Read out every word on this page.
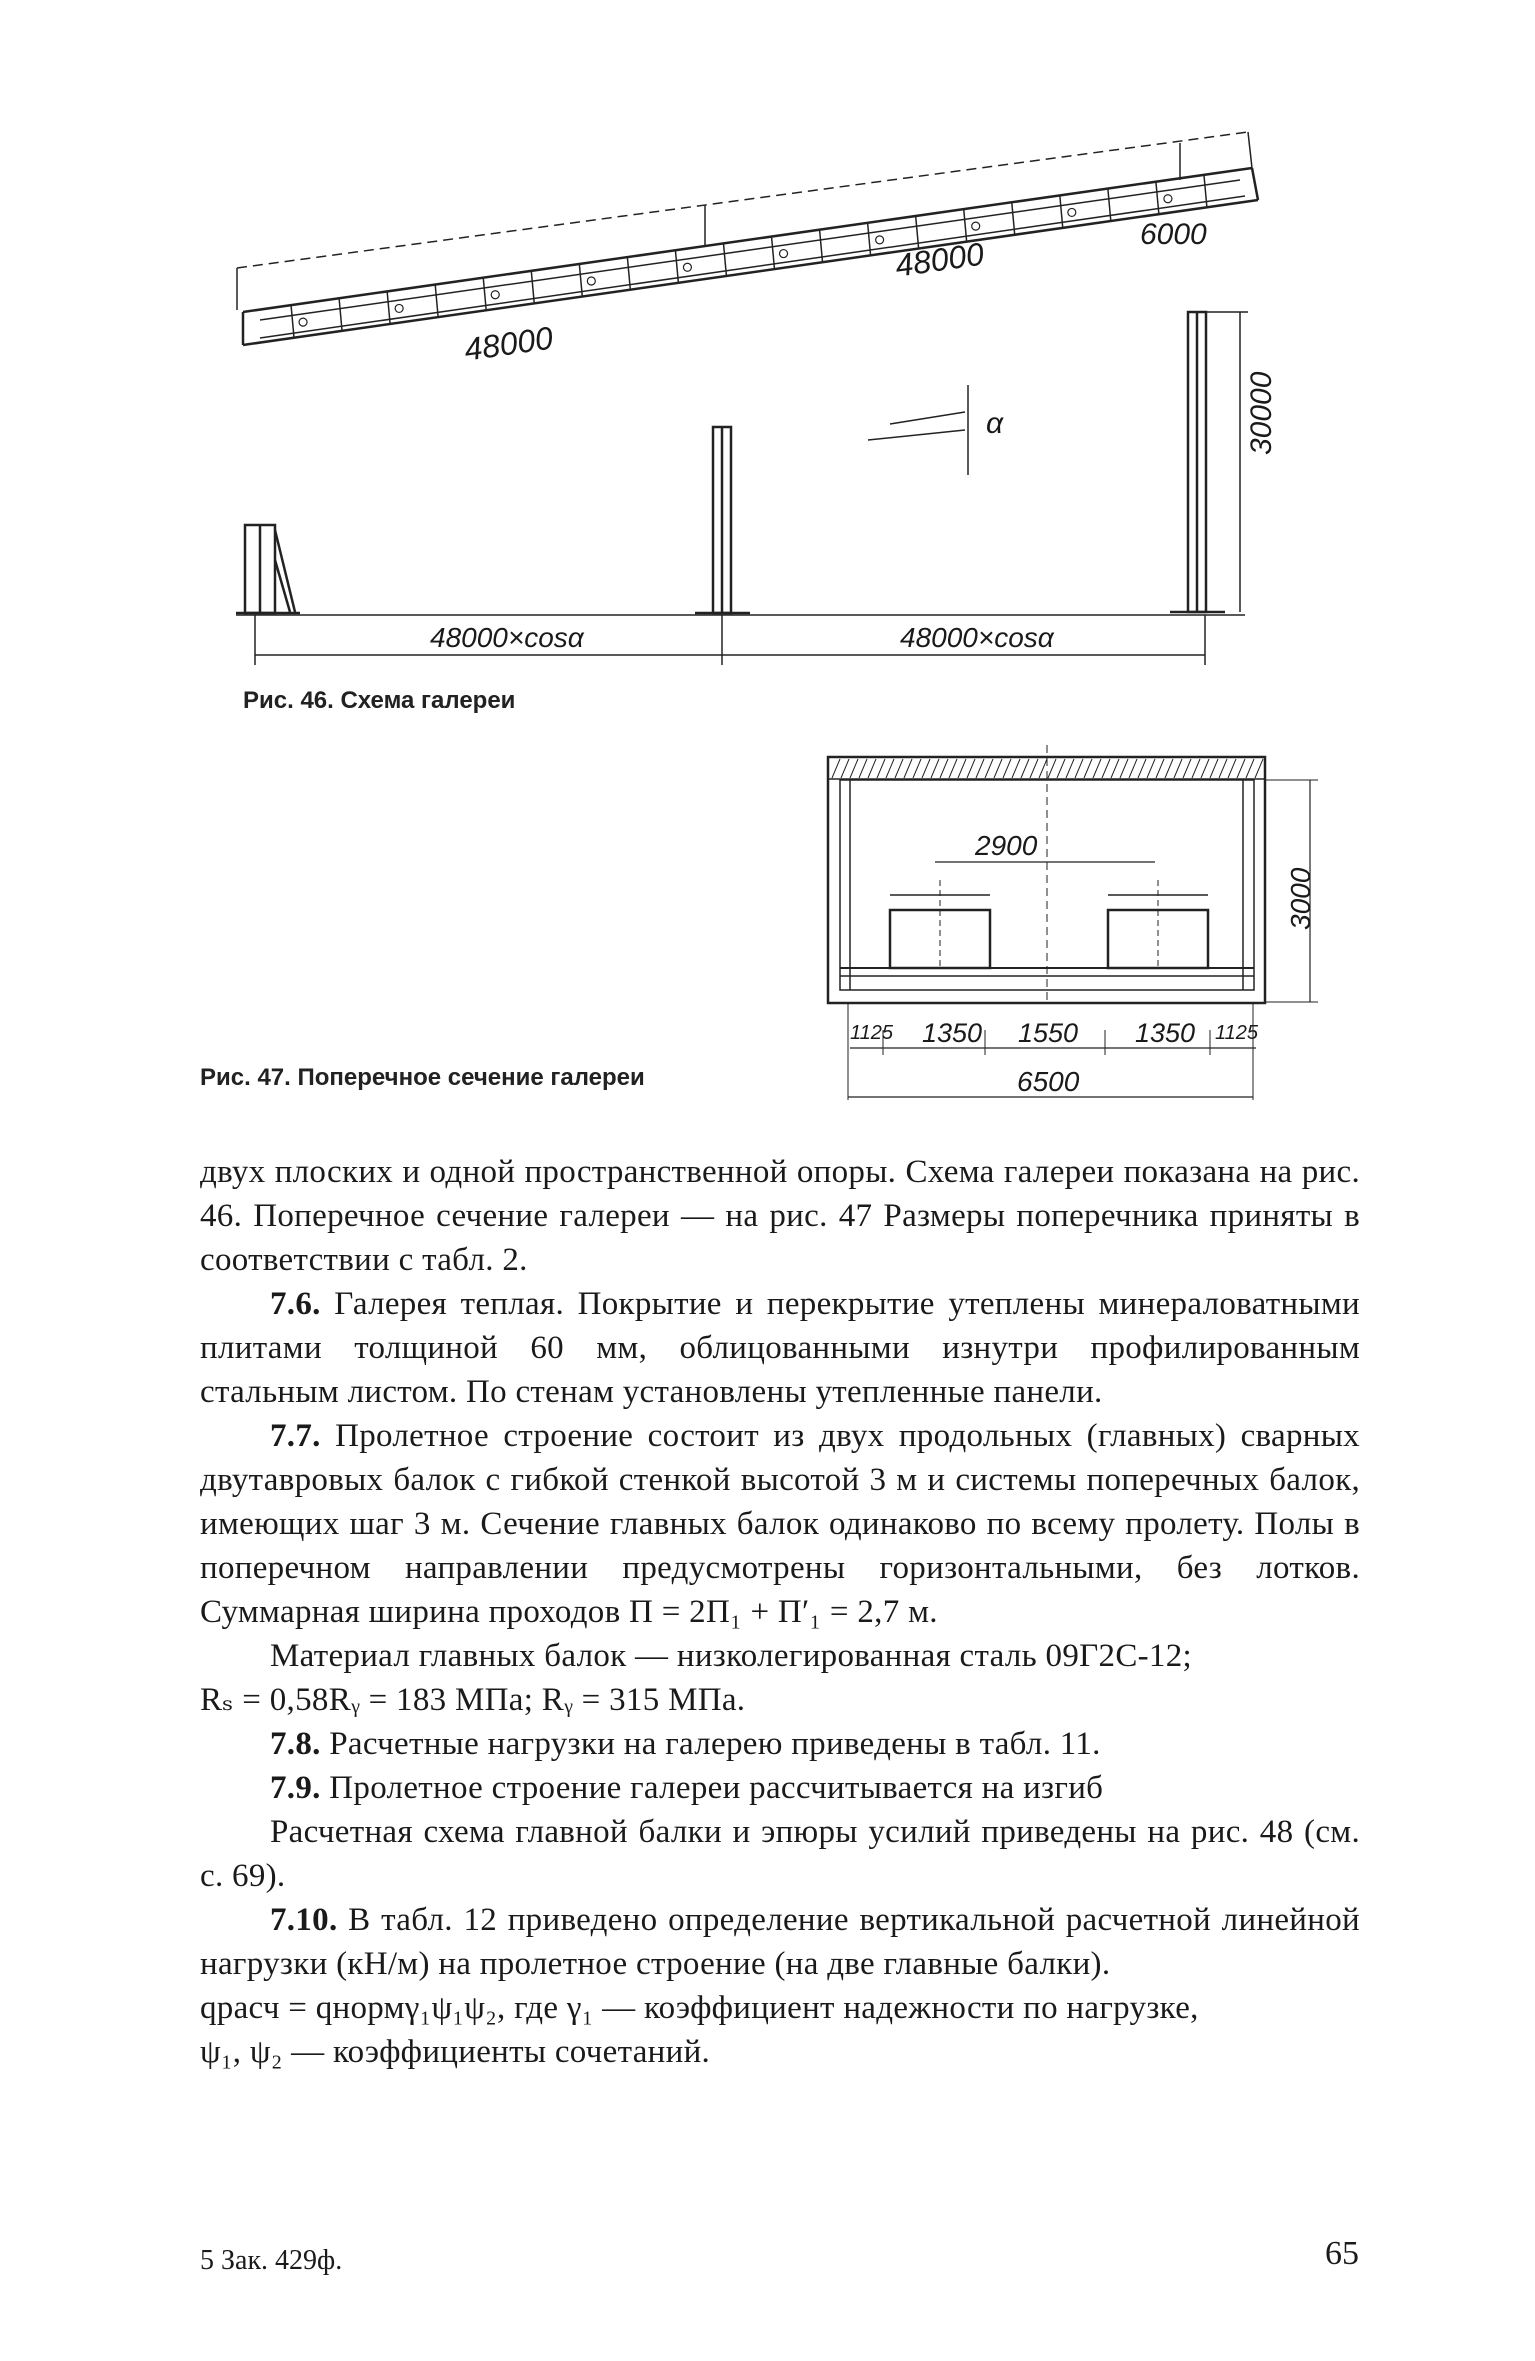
48000
48000
6000
30000
48000×cosα	48000×cosα
α
Рис. 46. Схема галереи
2900
3000
1125 1350 1550 1350 1125
6500
Рис. 47. Поперечное сечение галереи

двух плоских и одной пространственной опоры. Схема галереи показана на рис. 46. Поперечное сечение галереи — на рис. 47 Размеры поперечника приняты в соответствии с табл. 2.

7.6. Галерея теплая. Покрытие и перекрытие утеплены минераловатными плитами толщиной 60 мм, облицованными изнутри профилированным стальным листом. По стенам установлены утепленные панели.

7.7. Пролетное строение состоит из двух продольных (главных) сварных двутавровых балок с гибкой стенкой высотой 3 м и системы поперечных балок, имеющих шаг 3 м. Сечение главных балок одинаково по всему пролету. Полы в поперечном направлении предусмотрены горизонтальными, без лотков. Суммарная ширина проходов П = 2П₁ + П′₁ = 2,7 м.

Материал главных балок — низколегированная сталь 09Г2С-12;

Rₛ = 0,58Rᵧ = 183 МПа; Rᵧ = 315 МПа.

7.8. Расчетные нагрузки на галерею приведены в табл. 11.

7.9. Пролетное строение галереи рассчитывается на изгиб

Расчетная схема главной балки и эпюры усилий приведены на рис. 48 (см. с. 69).

7.10. В табл. 12 приведено определение вертикальной расчетной линейной нагрузки (кН/м) на пролетное строение (на две главные балки).

qрасч = qнормγ₁ψ₁ψ₂, где γ₁ — коэффициент надежности по нагрузке,

ψ₁, ψ₂ — коэффициенты сочетаний.

5 Зак. 429ф.	65
